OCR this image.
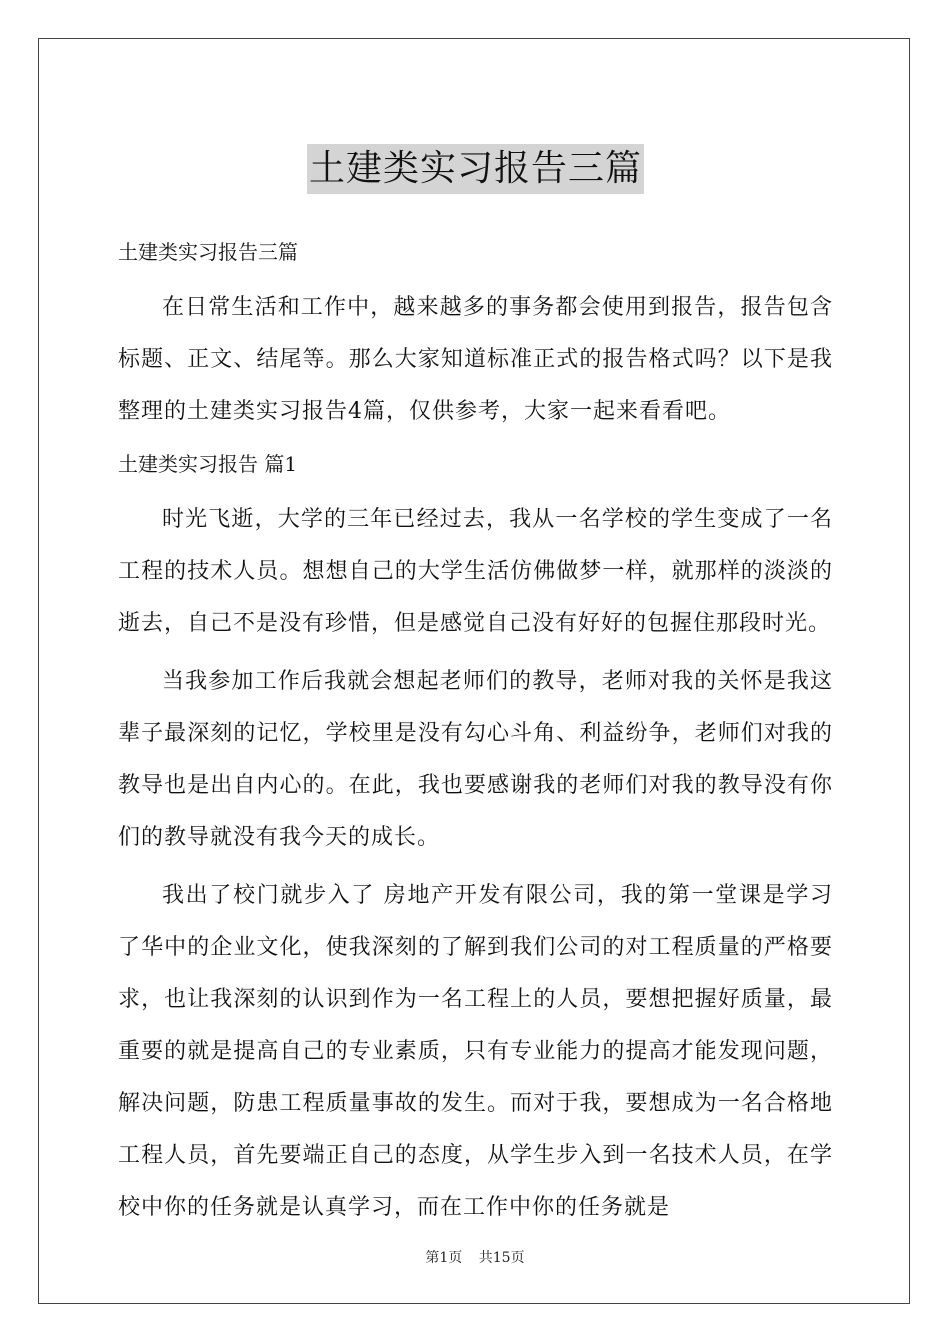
土建类实习报告三篇

土建类实习报告三篇

在日常生活和工作中，越来越多的事务都会使用到报告，报告包含标题、正文、结尾等。那么大家知道标准正式的报告格式吗？以下是我整理的土建类实习报告4篇，仅供参考，大家一起来看看吧。

土建类实习报告 篇1

时光飞逝，大学的三年已经过去，我从一名学校的学生变成了一名工程的技术人员。想想自己的大学生活仿佛做梦一样，就那样的淡淡的逝去，自己不是没有珍惜，但是感觉自己没有好好的包握住那段时光。

当我参加工作后我就会想起老师们的教导，老师对我的关怀是我这辈子最深刻的记忆，学校里是没有勾心斗角、利益纷争，老师们对我的教导也是出自内心的。在此，我也要感谢我的老师们对我的教导没有你们的教导就没有我今天的成长。

我出了校门就步入了 房地产开发有限公司，我的第一堂课是学习了华中的企业文化，使我深刻的了解到我们公司的对工程质量的严格要求，也让我深刻的认识到作为一名工程上的人员，要想把握好质量，最重要的就是提高自己的专业素质，只有专业能力的提高才能发现问题，解决问题，防患工程质量事故的发生。而对于我，要想成为一名合格地工程人员，首先要端正自己的态度，从学生步入到一名技术人员，在学校中你的任务就是认真学习，而在工作中你的任务就是

第1页 共15页
